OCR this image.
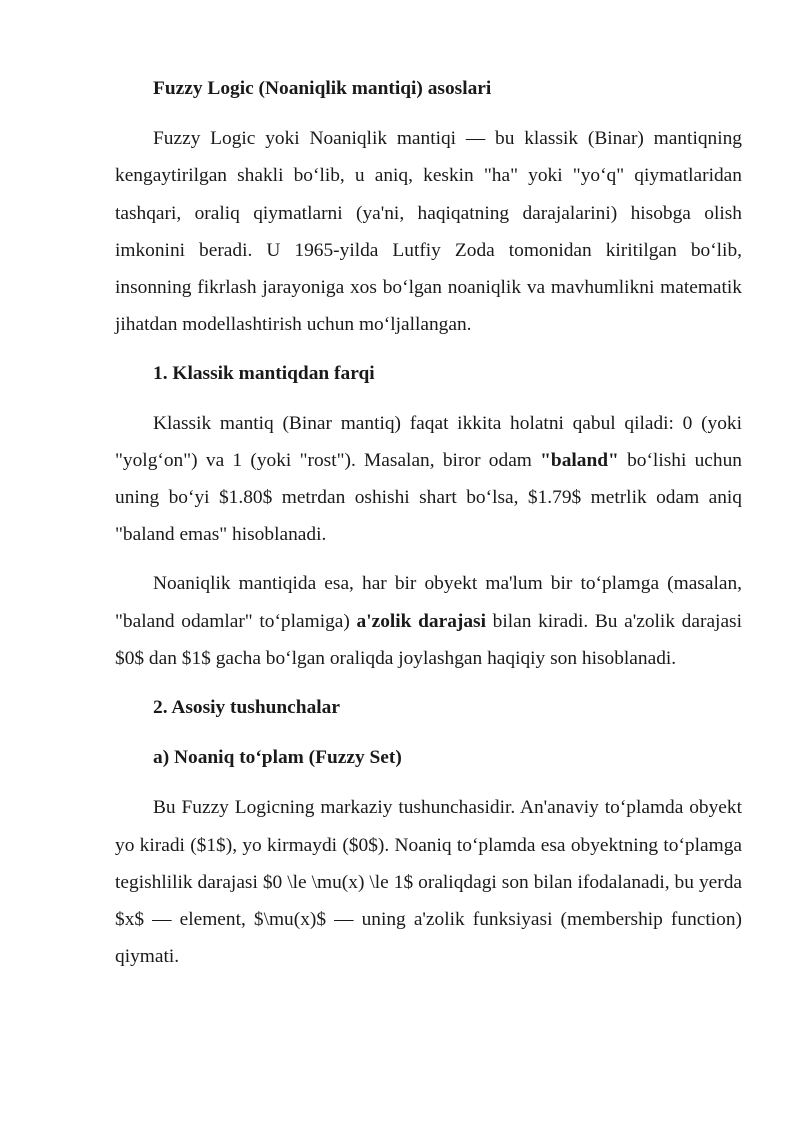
Fuzzy Logic (Noaniqlik mantiqi) asoslari

Fuzzy Logic yoki Noaniqlik mantiqi — bu klassik (Binar) mantiqning kengaytirilgan shakli bo‘lib, u aniq, keskin "ha" yoki "yo‘q" qiymatlaridan tashqari, oraliq qiymatlarni (ya'ni, haqiqatning darajalarini) hisobga olish imkonini beradi. U 1965-yilda Lutfiy Zoda tomonidan kiritilgan bo‘lib, insonning fikrlash jarayoniga xos bo‘lgan noaniqlik va mavhumlikni matematik jihatdan modellashtirish uchun mo‘ljallangan.

1. Klassik mantiqdan farqi

Klassik mantiq (Binar mantiq) faqat ikkita holatni qabul qiladi: 0 (yoki "yolg‘on") va 1 (yoki "rost"). Masalan, biror odam "baland" bo‘lishi uchun uning bo‘yi $1.80$ metrdan oshishi shart bo‘lsa, $1.79$ metrlik odam aniq "baland emas" hisoblanadi.

Noaniqlik mantiqida esa, har bir obyekt ma'lum bir to‘plamga (masalan, "baland odamlar" to‘plamiga) a'zolik darajasi bilan kiradi. Bu a'zolik darajasi $0$ dan $1$ gacha bo‘lgan oraliqda joylashgan haqiqiy son hisoblanadi.

2. Asosiy tushunchalar

a) Noaniq to‘plam (Fuzzy Set)

Bu Fuzzy Logicning markaziy tushunchasidir. An'anaviy to‘plamda obyekt yo kiradi ($1$), yo kirmaydi ($0$). Noaniq to‘plamda esa obyektning to‘plamga tegishlilik darajasi $0 \le \mu(x) \le 1$ oraliqdagi son bilan ifodalanadi, bu yerda $x$ — element, $\mu(x)$ — uning a'zolik funksiyasi (membership function) qiymati.
